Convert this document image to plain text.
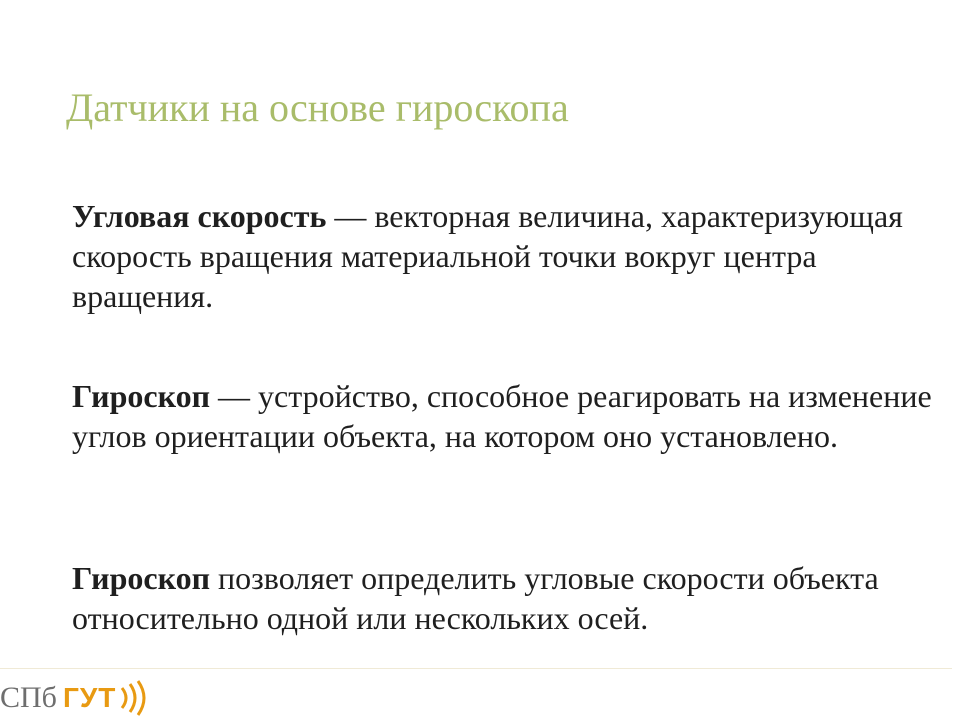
Датчики на основе гироскопа
Угловая скорость — векторная величина, характеризующая скорость вращения материальной точки вокруг центра вращения.
Гироскоп — устройство, способное реагировать на изменение углов ориентации объекта, на котором оно установлено.
Гироскоп позволяет определить угловые скорости объекта относительно одной или нескольких осей.
СПб ГУТ
